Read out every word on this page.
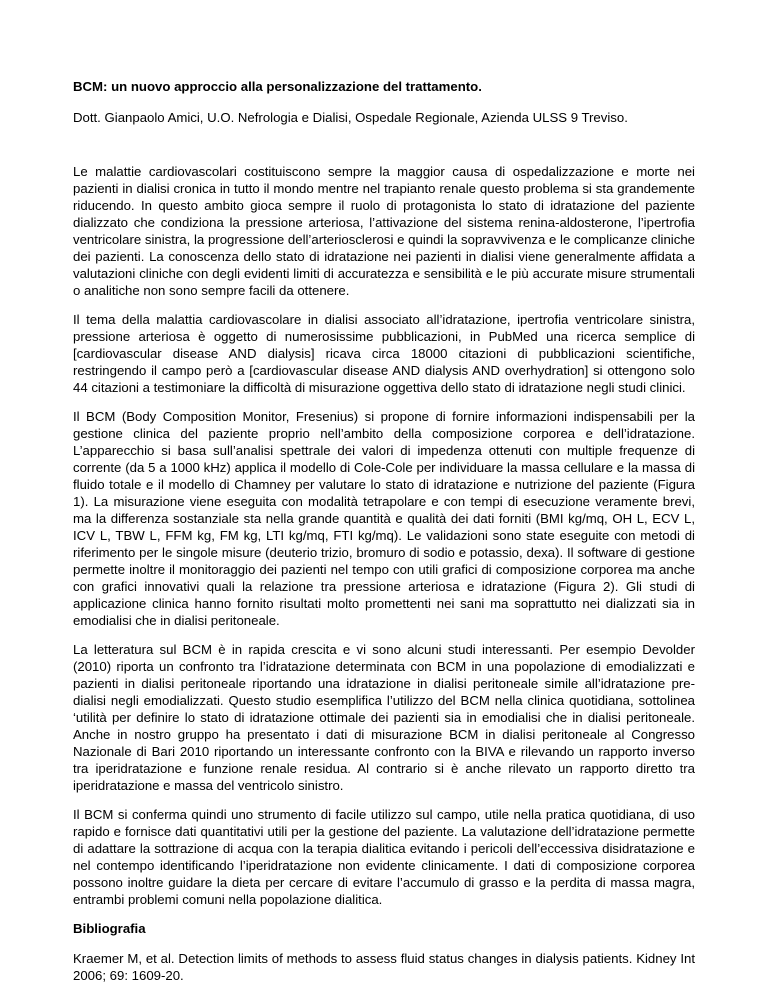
BCM: un nuovo approccio alla personalizzazione del trattamento.

Dott. Gianpaolo Amici, U.O. Nefrologia e Dialisi, Ospedale Regionale, Azienda ULSS 9 Treviso.

Le malattie cardiovascolari costituiscono sempre la maggior causa di ospedalizzazione e morte nei pazienti in dialisi cronica in tutto il mondo mentre nel trapianto renale questo problema si sta grandemente riducendo. In questo ambito gioca sempre il ruolo di protagonista lo stato di idratazione del paziente dializzato che condiziona la pressione arteriosa, l’attivazione del sistema renina-aldosterone, l’ipertrofia ventricolare sinistra, la progressione dell’arteriosclerosi e quindi la sopravvivenza e le complicanze cliniche dei pazienti. La conoscenza dello stato di idratazione nei pazienti in dialisi viene generalmente affidata a valutazioni cliniche con degli evidenti limiti di accuratezza e sensibilità e le più accurate misure strumentali o analitiche non sono sempre facili da ottenere.

Il tema della malattia cardiovascolare in dialisi associato all’idratazione, ipertrofia ventricolare sinistra, pressione arteriosa è oggetto di numerosissime pubblicazioni, in PubMed una ricerca semplice di [cardiovascular disease AND dialysis] ricava circa 18000 citazioni di pubblicazioni scientifiche, restringendo il campo però a [cardiovascular disease AND dialysis AND overhydration] si ottengono solo 44 citazioni a testimoniare la difficoltà di misurazione oggettiva dello stato di idratazione negli studi clinici.

Il BCM (Body Composition Monitor, Fresenius) si propone di fornire informazioni indispensabili per la gestione clinica del paziente proprio nell’ambito della composizione corporea e dell’idratazione. L’apparecchio si basa sull’analisi spettrale dei valori di impedenza ottenuti con multiple frequenze di corrente (da 5 a 1000 kHz) applica il modello di Cole-Cole per individuare la massa cellulare e la massa di fluido totale e il modello di Chamney per valutare lo stato di idratazione e nutrizione del paziente (Figura 1). La misurazione viene eseguita con modalità tetrapolare e con tempi di esecuzione veramente brevi, ma la differenza sostanziale sta nella grande quantità e qualità dei dati forniti (BMI kg/mq, OH L, ECV L, ICV L, TBW L, FFM kg, FM kg, LTI kg/mq, FTI kg/mq). Le validazioni sono state eseguite con metodi di riferimento per le singole misure (deuterio trizio, bromuro di sodio e potassio, dexa). Il software di gestione permette inoltre il monitoraggio dei pazienti nel tempo con utili grafici di composizione corporea ma anche con grafici innovativi quali la relazione tra pressione arteriosa e idratazione (Figura 2). Gli studi di applicazione clinica hanno fornito risultati molto promettenti nei sani ma soprattutto nei dializzati sia in emodialisi che in dialisi peritoneale.

La letteratura sul BCM è in rapida crescita e vi sono alcuni studi interessanti. Per esempio Devolder (2010) riporta un confronto tra l’idratazione determinata con BCM in una popolazione di emodializzati e pazienti in dialisi peritoneale riportando una idratazione in dialisi peritoneale simile all’idratazione pre-dialisi negli emodializzati. Questo studio esemplifica l’utilizzo del BCM nella clinica quotidiana, sottolinea ‘utilità per definire lo stato di idratazione ottimale dei pazienti sia in emodialisi che in dialisi peritoneale. Anche in nostro gruppo ha presentato i dati di misurazione BCM in dialisi peritoneale al Congresso Nazionale di Bari 2010 riportando un interessante confronto con la BIVA e rilevando un rapporto inverso tra iperidratazione e funzione renale residua. Al contrario si è anche rilevato un rapporto diretto tra iperidratazione e massa del ventricolo sinistro.

Il BCM si conferma quindi uno strumento di facile utilizzo sul campo, utile nella pratica quotidiana, di uso rapido e fornisce dati quantitativi utili per la gestione del paziente. La valutazione dell’idratazione permette di adattare la sottrazione di acqua con la terapia dialitica evitando i pericoli dell’eccessiva disidratazione e nel contempo identificando l’iperidratazione non evidente clinicamente. I dati di composizione corporea possono inoltre guidare la dieta per cercare di evitare l’accumulo di grasso e la perdita di massa magra, entrambi problemi comuni nella popolazione dialitica.

Bibliografia

Kraemer M, et al. Detection limits of methods to assess fluid status changes in dialysis patients. Kidney Int 2006; 69: 1609-20.
